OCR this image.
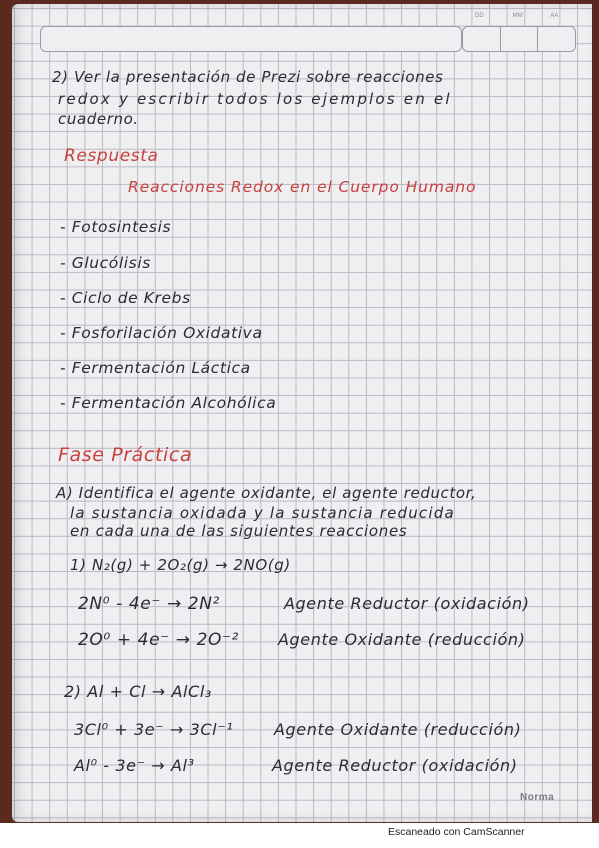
DD	MM	AA
2) Ver la presentación de Prezi sobre reacciones
redox y escribir todos los ejemplos en el
cuaderno.
Respuesta
Reacciones Redox en el Cuerpo Humano
- Fotosintesis
- Glucólisis
- Ciclo de Krebs
- Fosforilación Oxidativa
- Fermentación Láctica
- Fermentación Alcohólica
Fase Práctica
A) Identifica el agente oxidante, el agente reductor,
la sustancia oxidada y la sustancia reducida
en cada una de las siguientes reacciones
1) N₂(g) + 2O₂(g) → 2NO(g)
2N⁰ - 4e⁻ → 2N²	Agente Reductor (oxidación)
2O⁰ + 4e⁻ → 2O⁻² Agente Oxidante (reducción)
2) Al + Cl → AlCl₃
3Cl⁰ + 3e⁻ → 3Cl⁻¹	Agente Oxidante (reducción)
Al⁰ - 3e⁻ → Al³	Agente Reductor (oxidación)
Norma
Escaneado con CamScanner
